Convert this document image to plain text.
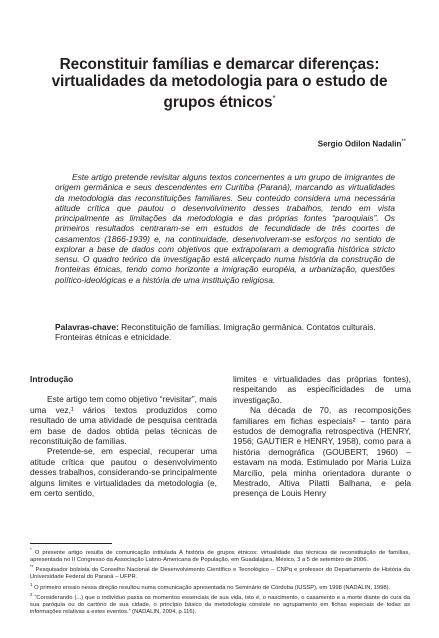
Reconstituir famílias e demarcar diferenças:
virtualidades da metodologia para o estudo de
grupos étnicos*
Sergio Odilon Nadalin**

Este artigo pretende revisitar alguns textos concernentes a um grupo de imigrantes de origem germânica e seus descendentes em Curitiba (Paraná), marcando as virtualidades da metodologia das reconstituições familiares. Seu conteúdo considera uma necessária atitude crítica que pautou o desenvolvimento desses trabalhos, tendo em vista principalmente as limitações da metodologia e das próprias fontes “paroquiais”. Os primeiros resultados centraram-se em estudos de fecundidade de três coortes de casamentos (1866-1939) e, na continuidade, desenvolveram-se esforços no sentido de explorar a base de dados com objetivos que extrapolaram a demografia histórica stricto sensu. O quadro teórico da investigação está alicerçado numa história da construção de fronteiras étnicas, tendo como horizonte a imigração européia, a urbanização, questões político-ideológicas e a história de uma instituição religiosa.

Palavras-chave: Reconstituição de famílias. Imigração germânica. Contatos culturais. Fronteiras étnicas e etnicidade.

Introdução

Este artigo tem como objetivo “revisitar”, mais uma vez,¹ vários textos produzidos como resultado de uma atividade de pesquisa centrada em base de dados obtida pelas técnicas de reconstituição de famílias.

Pretende-se, em especial, recuperar uma atitude crítica que pautou o desenvolvimento desses trabalhos, considerando-se principalmente alguns limites e virtualidades da metodologia (e, em certo sentido,

limites e virtualidades das próprias fontes), respeitando as especificidades de uma investigação.

Na década de 70, as recomposições familiares em fichas especiais² – tanto para estudos de demografia retrospectiva (HENRY, 1956; GAUTIER e HENRY, 1958), como para a história demográfica (GOUBERT, 1960) – estavam na moda. Estimulado por Maria Luiza Marcílio, pela minha orientadora durante o Mestrado, Altiva Pilatti Balhana, e pela presença de Louis Henry

* O presente artigo resulta de comunicação intitulada A história de grupos étnicos: virtualidade das técnicas de reconstituição de famílias, apresentada no II Congresso da Associação Latino-Americana de População, em Guadalajara, México, 3 a 5 de setembro de 2006.

** Pesquisador bolsista do Conselho Nacional de Desenvolvimento Científico e Tecnológico – CNPq e professor do Departamento de História da Universidade Federal do Paraná – UFPR.

$^1$ O primeiro ensaio nessa direção resultou numa comunicação apresentada no Seminário de Córdoba (IUSSP), em 1998 (NADALIN, 1998).

$^2$ “Considerando (...) que o indivíduo passa os momentos essenciais de sua vida, isto é, o nascimento, o casamento e a morte diante do cura da sua paróquia ou do cartório de sua cidade, o princípio básico da metodologia consiste no agrupamento em fichas especiais de todas as informações relativas a estes eventos.” (NADALIN, 2004, p.116).
